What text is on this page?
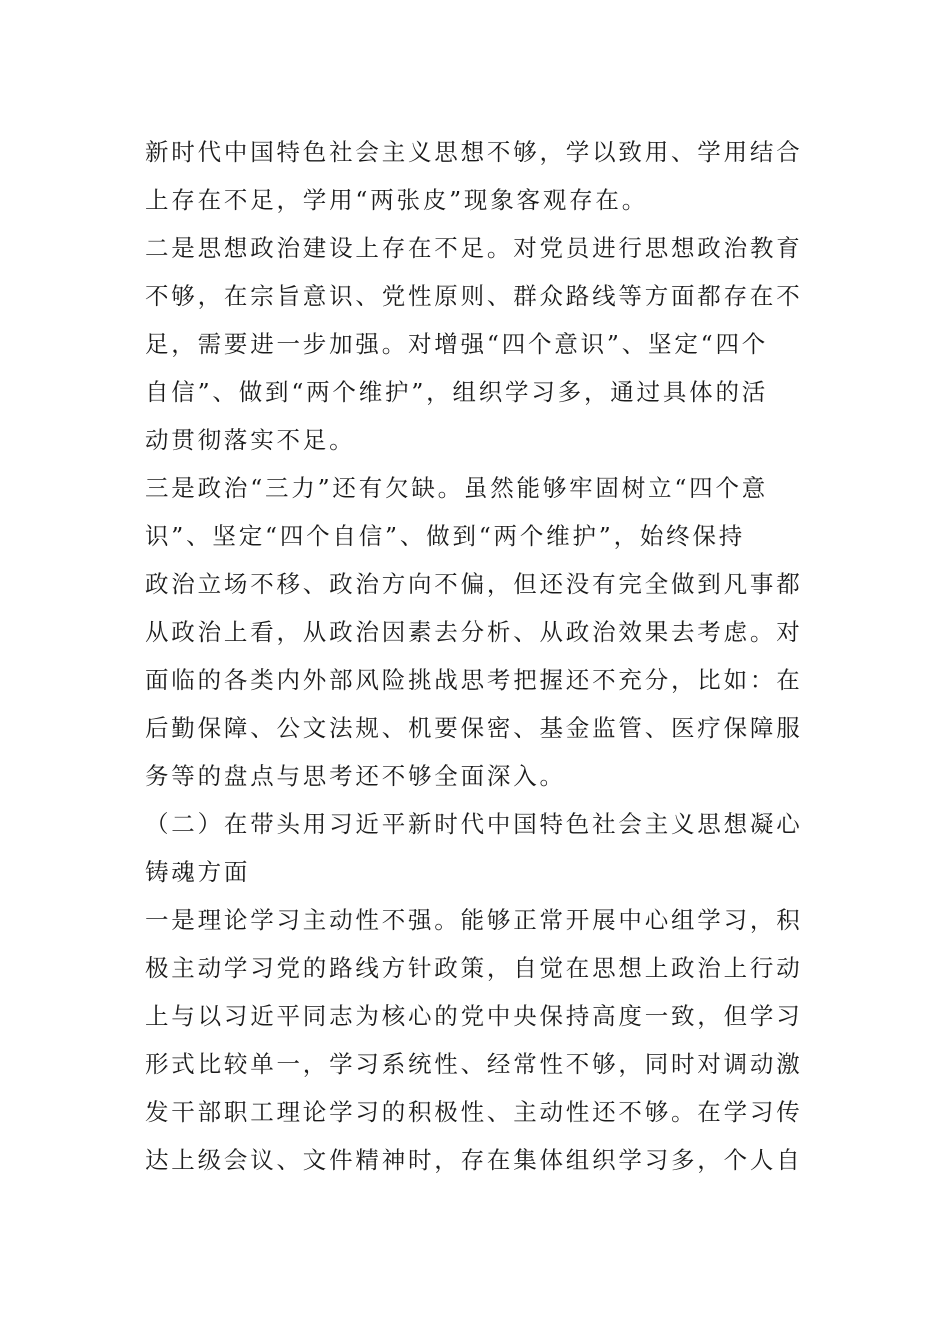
新时代中国特色社会主义思想不够，学以致用、学用结合
上存在不足，学用“两张皮”现象客观存在。
二是思想政治建设上存在不足。对党员进行思想政治教育
不够，在宗旨意识、党性原则、群众路线等方面都存在不
足，需要进一步加强。对增强“四个意识”、坚定“四个
自信”、做到“两个维护”，组织学习多，通过具体的活
动贯彻落实不足。
三是政治“三力”还有欠缺。虽然能够牢固树立“四个意
识”、坚定“四个自信”、做到“两个维护”，始终保持
政治立场不移、政治方向不偏，但还没有完全做到凡事都
从政治上看，从政治因素去分析、从政治效果去考虑。对
面临的各类内外部风险挑战思考把握还不充分，比如：在
后勤保障、公文法规、机要保密、基金监管、医疗保障服
务等的盘点与思考还不够全面深入。
（二）在带头用习近平新时代中国特色社会主义思想凝心
铸魂方面
一是理论学习主动性不强。能够正常开展中心组学习，积
极主动学习党的路线方针政策，自觉在思想上政治上行动
上与以习近平同志为核心的党中央保持高度一致，但学习
形式比较单一，学习系统性、经常性不够，同时对调动激
发干部职工理论学习的积极性、主动性还不够。在学习传
达上级会议、文件精神时，存在集体组织学习多，个人自
